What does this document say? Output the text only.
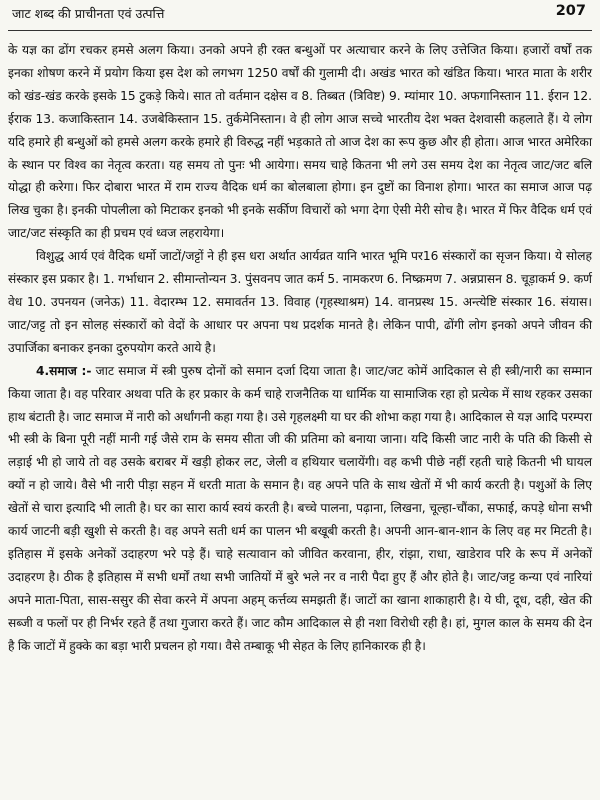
जाट शब्द की प्राचीनता एवं उत्पत्ति	207

के यज्ञ का ढोंग रचकर हमसे अलग किया। उनको अपने ही रक्त बन्धुओं पर अत्याचार करने के लिए उत्तेजित किया। हजारों वर्षों तक इनका शोषण करने में प्रयोग किया इस देश को लगभग 1250 वर्षों की गुलामी दी। अखंड भारत को खंडित किया। भारत माता के शरीर को खंड-खंड करके इसके 15 टुकड़े किये। सात तो वर्तमान दक्षेस व 8. तिब्बत (त्रिविष्ट) 9. म्यांमार 10. अफगानिस्तान 11. ईरान 12. ईराक 13. कजाकिस्तान 14. उजबेकिस्तान 15. तुर्कमेनिस्तान। वे ही लोग आज सच्चे भारतीय देश भक्त देशवासी कहलाते हैं। ये लोग यदि हमारे ही बन्धुओं को हमसे अलग करके हमारे ही विरुद्ध नहीं भड़काते तो आज देश का रूप कुछ और ही होता। आज भारत अमेरिका के स्थान पर विश्व का नेतृत्व करता। यह समय तो पुनः भी आयेगा। समय चाहे कितना भी लगे उस समय देश का नेतृत्व जाट/जट बलि योद्धा ही करेगा। फिर दोबारा भारत में राम राज्य वैदिक धर्म का बोलबाला होगा। इन दुष्टों का विनाश होगा। भारत का समाज आज पढ़ लिख चुका है। इनकी पोपलीला को मिटाकर इनको भी इनके सर्कीण विचारों को भगा देगा ऐसी मेरी सोच है। भारत में फिर वैदिक धर्म एवं जाट/जट संस्कृति का ही प्रचम एवं ध्वज लहरायेगा।

विशुद्ध आर्य एवं वैदिक धर्मो जाटों/जट्टों ने ही इस धरा अर्थात आर्यव्रत यानि भारत भूमि पर16 संस्कारों का सृजन किया। ये सोलह संस्कार इस प्रकार है। 1. गर्भाधान 2. सीमान्तोन्यन 3. पुंसवनप जात कर्म 5. नामकरण 6. निष्क्रमण 7. अन्नप्रासन 8. चूड़ाकर्म 9. कर्ण वेध 10. उपनयन (जनेऊ) 11. वेदारम्भ 12. समावर्तन 13. विवाह (गृहस्थाश्रम) 14. वानप्रस्थ 15. अन्त्येष्टि संस्कार 16. संयास। जाट/जट्ट तो इन सोलह संस्कारों को वेदों के आधार पर अपना पथ प्रदर्शक मानते है। लेकिन पापी, ढोंगी लोग इनको अपने जीवन की उपार्जिका बनाकर इनका दुरुपयोग करते आये है।

4.समाज :- जाट समाज में स्त्री पुरुष दोनों को समान दर्जा दिया जाता है। जाट/जट कोमें आदिकाल से ही स्त्री/नारी का सम्मान किया जाता है। वह परिवार अथवा पति के हर प्रकार के कर्म चाहे राजनैतिक या धार्मिक या सामाजिक रहा हो प्रत्येक में साथ रहकर उसका हाथ बंटाती है। जाट समाज में नारी को अर्धांगनी कहा गया है। उसे गृहलक्ष्मी या घर की शोभा कहा गया है। आदिकाल से यज्ञ आदि परम्परा भी स्त्री के बिना पूरी नहीं मानी गई जैसे राम के समय सीता जी की प्रतिमा को बनाया जाना। यदि किसी जाट नारी के पति की किसी से लड़ाई भी हो जाये तो वह उसके बराबर में खड़ी होकर लट, जेली व हथियार चलायेंगी। वह कभी पीछे नहीं रहती चाहे कितनी भी घायल क्यों न हो जाये। वैसे भी नारी पीड़ा सहन में धरती माता के समान है। वह अपने पति के साथ खेतों में भी कार्य करती है। पशुओं के लिए खेतों से चारा इत्यादि भी लाती है। घर का सारा कार्य स्वयं करती है। बच्चे पालना, पढ़ाना, लिखना, चूल्हा-चौंका, सफाई, कपड़े धोना सभी कार्य जाटनी बड़ी खुशी से करती है। वह अपने सती धर्म का पालन भी बखूबी करती है। अपनी आन-बान-शान के लिए वह मर मिटती है। इतिहास में इसके अनेकों उदाहरण भरे पड़े हैं। चाहे सत्यावान को जीवित करवाना, हीर, रांझा, राधा, खाडेराव परि के रूप में अनेकों उदाहरण है। ठीक है इतिहास में सभी धर्मों तथा सभी जातियों में बुरे भले नर व नारी पैदा हुए हैं और होते है। जाट/जट्ट कन्या एवं नारियां अपने माता-पिता, सास-ससुर की सेवा करने में अपना अहम् कर्त्तव्य समझती हैं। जाटों का खाना शाकाहारी है। ये घी, दूध, दही, खेत की सब्जी व फलों पर ही निर्भर रहते हैं तथा गुजारा करते हैं। जाट कौम आदिकाल से ही नशा विरोधी रही है। हां, मुगल काल के समय की देन है कि जाटों में हुक्के का बड़ा भारी प्रचलन हो गया। वैसे तम्बाकू भी सेहत के लिए हानिकारक ही है।
